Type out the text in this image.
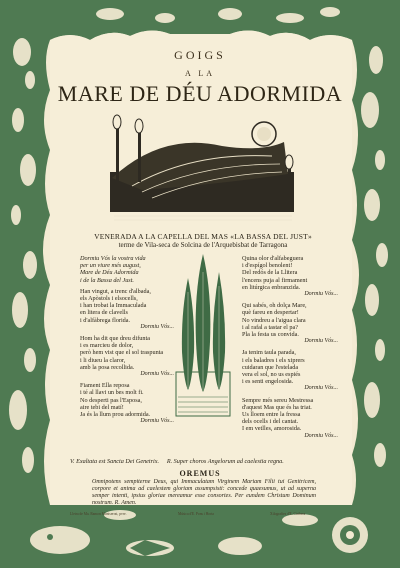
GOIGS
A LA
MARE DE DÉU ADORMIDA
VENERADA A LA CAPELLA DEL MAS «LA BASSA DEL JUST»
terme de Vila-seca de Solcina de l'Arquebisbat de Tarragona
Dormiu Vós la vostra vida
per un viure més august,
Mare de Déu Adormida
i de la Bassa del Just.
Han vingut, a trenc d'albada,
els Apòstols i elsocells,
i han trobat la Immaculada
en litera de clavells
i d'alfàbrega florida.
Dormiu Vós...
Hom ha dit que dreu difunta
i es marcieu de dolor,
però hem vist que el sol traspunta
i li diueu la claror,
amb la posa recollida.
Dormiu Vós...
Fiament Ella reposa
i té al llavi un bes molt fi.
No desperti pas l'Esposa,
aire tebi del matí!
Ja és la llum prou adormida.
Dormiu Vós...
Quina olor d'alfabeguera
i d'espígol benolent!
Del redós de la Llitera
l'encens puja al firmament
en litúrgica enbranzida.
Dormiu Vós...
Qui sabés, oh dolça Mare,
què fareu en despertar!
No vindreu a l'aigua clara
i al rafal a tastar el pa?
Pla la festa us convida.
Dormiu Vós...
Ja tenim taula parada,
i els baladres i els xiprers
cuidaran que l'estelada
vera el sol, no us espiés
i es senti engelosida.
Dormiu Vós...
Sempre més sereu Mestressa
d'aquest Mas que és ha triat.
Us lloem entre la fressa
dels ocells i del cantat.
I em vetlles, amorosida.
Dormiu Vós...
V. Exaltata est Sancta Dei Genetrix. R. Super choros Angelorum ad caelestia regna.
OREMUS
Omnipotens sempiterne Deus, qui Immaculatam Virginem Mariam Filii tui Genitricem, corpore et anima ad caelestem gloriam assumpsisti: concede quaesumus, ut ad superna semper intenti, ipsius gloriae mereamur esse consortes. Per eundem Christum Dominum nostrum. R. Amen.
Lletra de Ma. Ramon Montserrat, pvre.	Música d'E. Pons i Horta	Xilografies d'E. Ciribera
